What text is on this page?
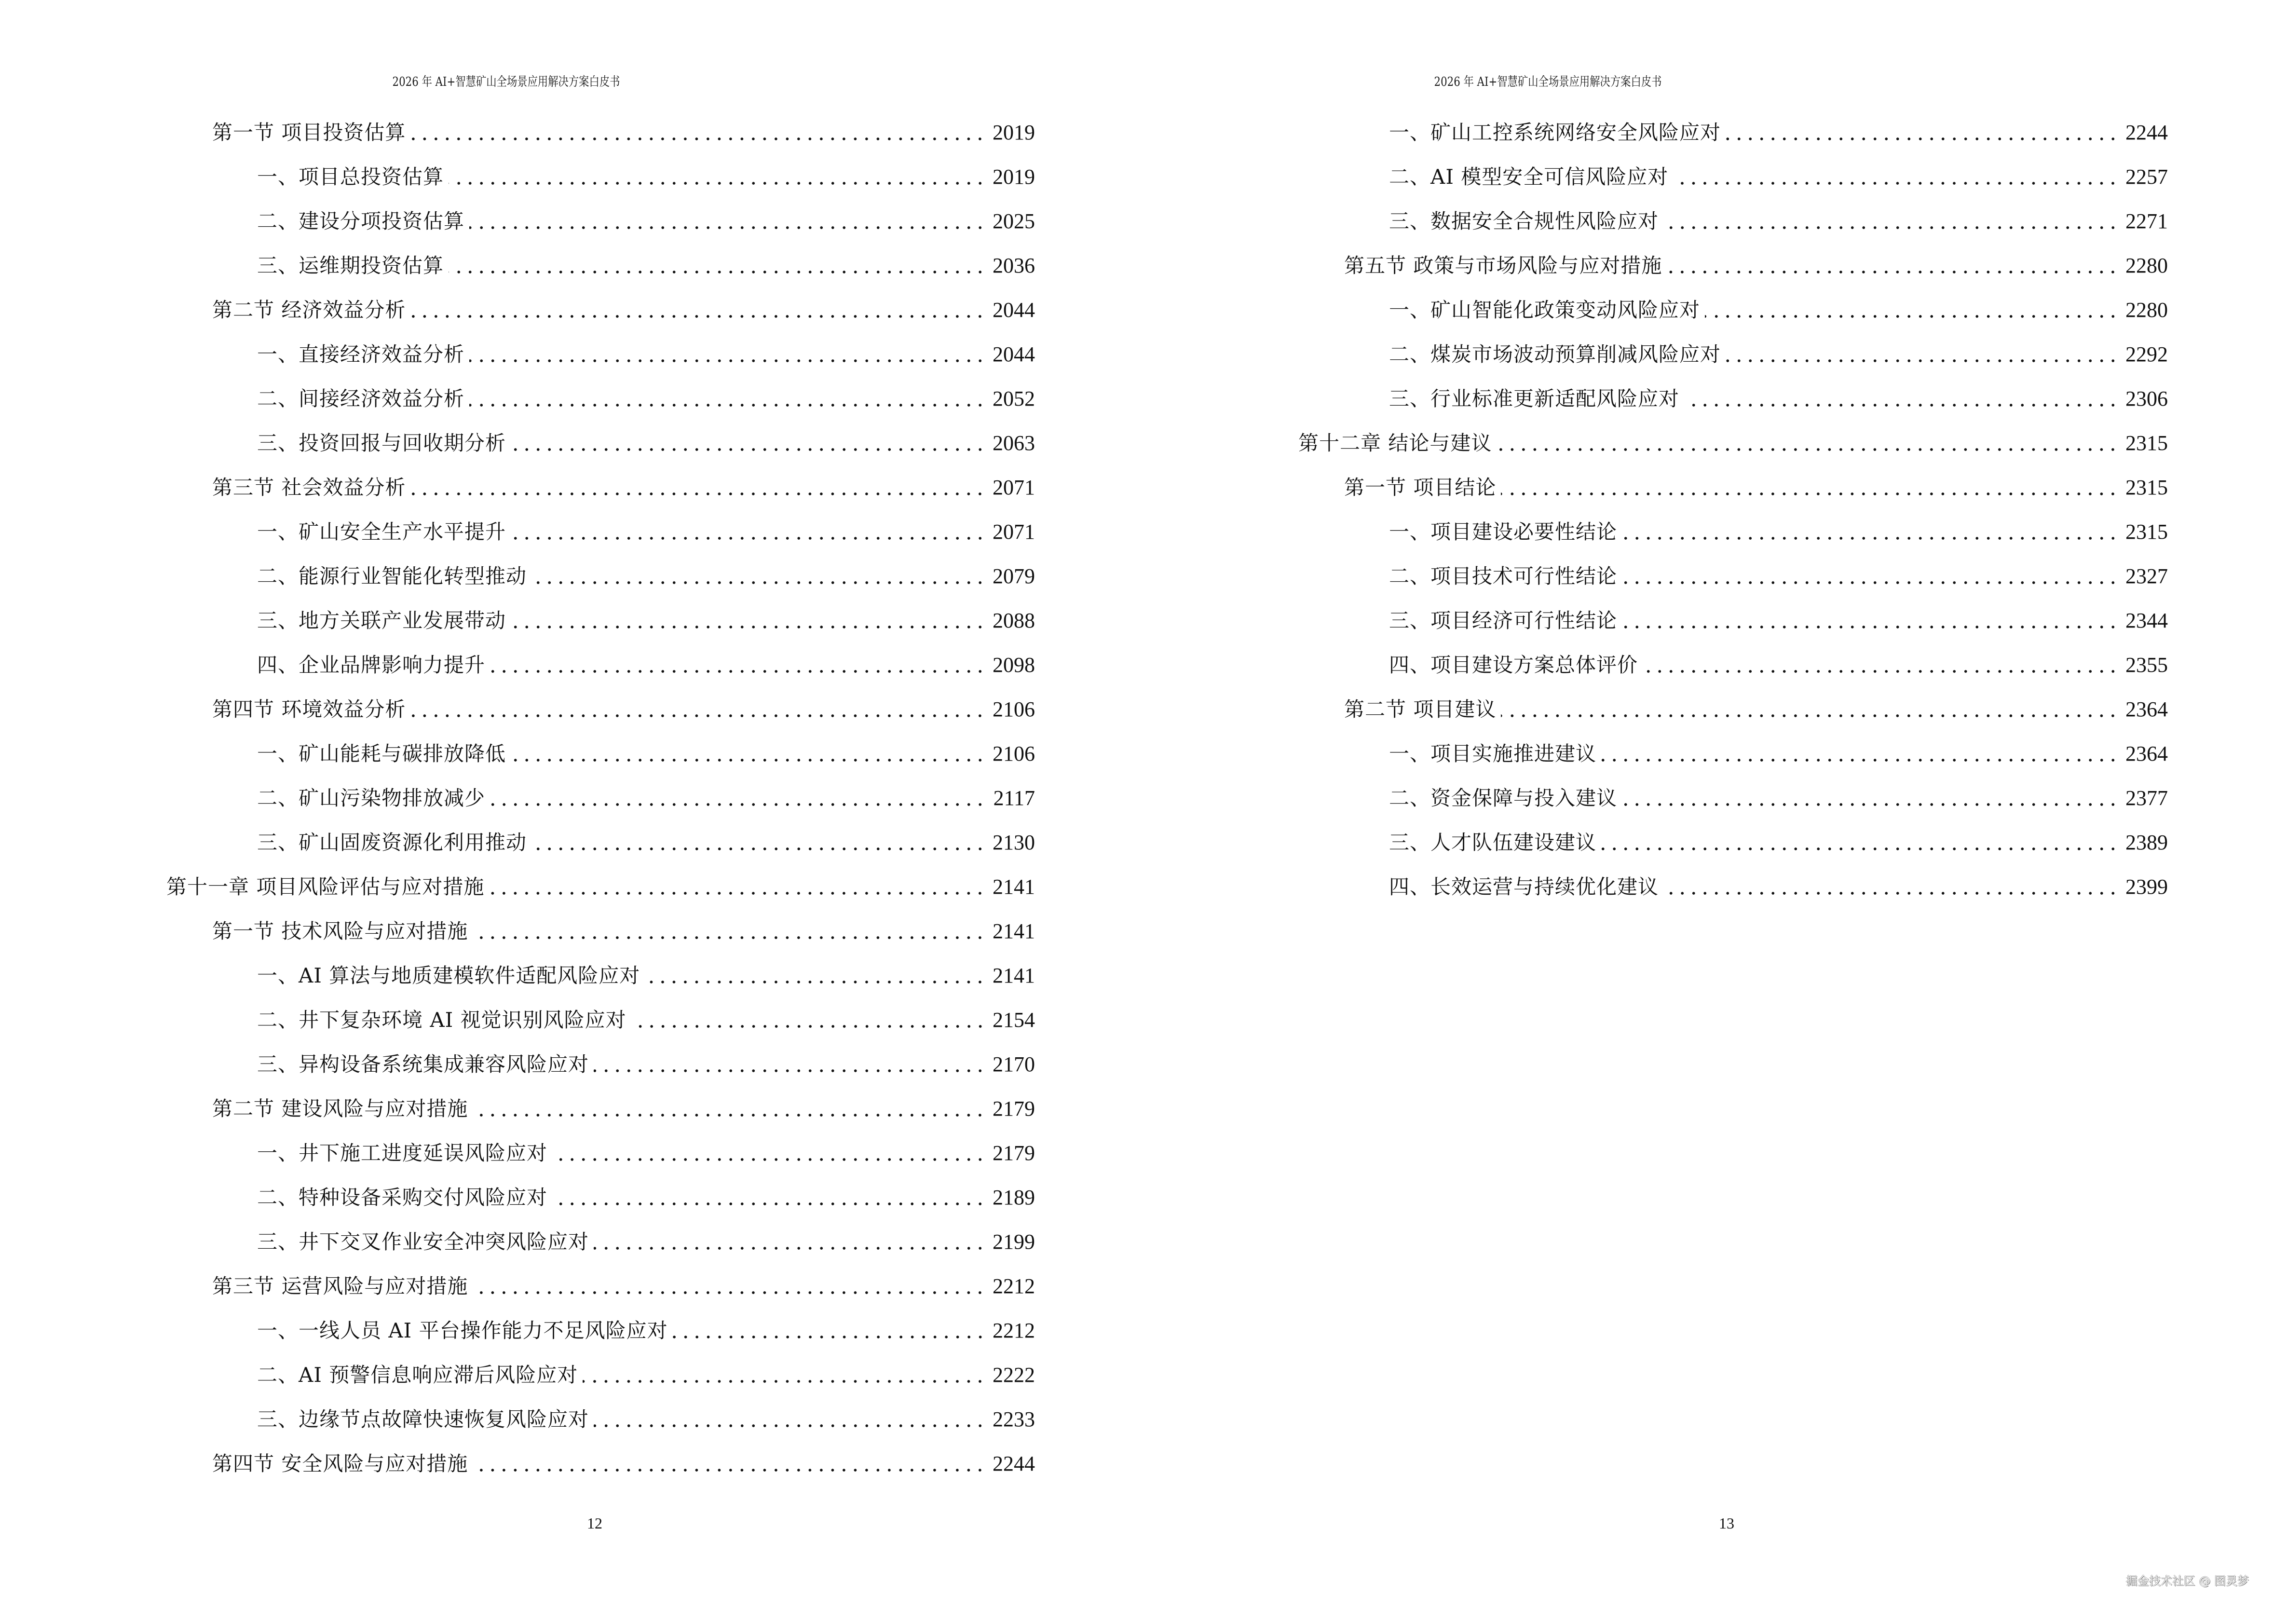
2026 年 AI+智慧矿山全场景应用解决方案白皮书
第一节 项目投资估算	2019
一、项目总投资估算	2019
二、建设分项投资估算	2025
三、运维期投资估算	2036
第二节 经济效益分析	2044
一、直接经济效益分析	2044
二、间接经济效益分析	2052
三、投资回报与回收期分析	2063
第三节 社会效益分析	2071
一、矿山安全生产水平提升	2071
二、能源行业智能化转型推动	2079
三、地方关联产业发展带动	2088
四、企业品牌影响力提升	2098
第四节 环境效益分析	2106
一、矿山能耗与碳排放降低	2106
二、矿山污染物排放减少	2117
三、矿山固废资源化利用推动	2130
第十一章 项目风险评估与应对措施	2141
第一节 技术风险与应对措施	2141
一、AI 算法与地质建模软件适配风险应对	2141
二、井下复杂环境 AI 视觉识别风险应对	2154
三、异构设备系统集成兼容风险应对	2170
第二节 建设风险与应对措施	2179
一、井下施工进度延误风险应对	2179
二、特种设备采购交付风险应对	2189
三、井下交叉作业安全冲突风险应对	2199
第三节 运营风险与应对措施	2212
一、一线人员 AI 平台操作能力不足风险应对	2212
二、AI 预警信息响应滞后风险应对	2222
三、边缘节点故障快速恢复风险应对	2233
第四节 安全风险与应对措施	2244
12
2026 年 AI+智慧矿山全场景应用解决方案白皮书
一、矿山工控系统网络安全风险应对	2244
二、AI 模型安全可信风险应对	2257
三、数据安全合规性风险应对	2271
第五节 政策与市场风险与应对措施	2280
一、矿山智能化政策变动风险应对	2280
二、煤炭市场波动预算削减风险应对	2292
三、行业标准更新适配风险应对	2306
第十二章 结论与建议	2315
第一节 项目结论	2315
一、项目建设必要性结论	2315
二、项目技术可行性结论	2327
三、项目经济可行性结论	2344
四、项目建设方案总体评价	2355
第二节 项目建议	2364
一、项目实施推进建议	2364
二、资金保障与投入建议	2377
三、人才队伍建设建议	2389
四、长效运营与持续优化建议	2399
13
掘金技术社区 @ 图灵梦
